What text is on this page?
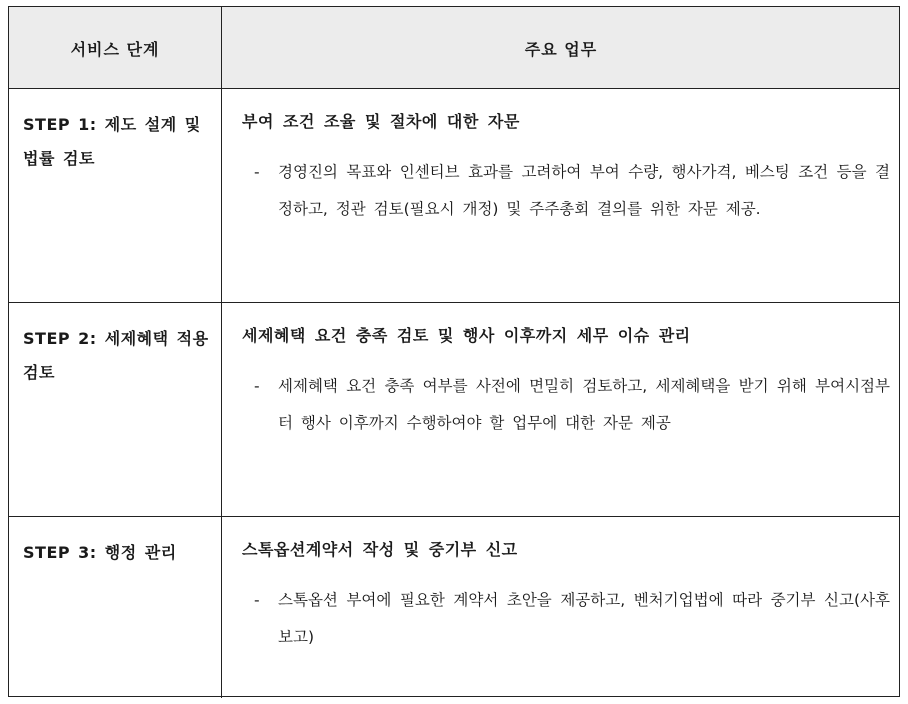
서비스 단계	주요 업무
STEP 1: 제도 설계 및 법률 검토
부여 조건 조율 및 절차에 대한 자문
- 경영진의 목표와 인센티브 효과를 고려하여 부여 수량, 행사가격, 베스팅 조건 등을 결정하고, 정관 검토(필요시 개정) 및 주주총회 결의를 위한 자문 제공.
STEP 2: 세제혜택 적용 검토
세제혜택 요건 충족 검토 및 행사 이후까지 세무 이슈 관리
- 세제혜택 요건 충족 여부를 사전에 면밀히 검토하고, 세제혜택을 받기 위해 부여시점부터 행사 이후까지 수행하여야 할 업무에 대한 자문 제공
STEP 3: 행정 관리	스톡옵션계약서 작성 및 중기부 신고
- 스톡옵션 부여에 필요한 계약서 초안을 제공하고, 벤처기업법에 따라 중기부 신고(사후 보고)
